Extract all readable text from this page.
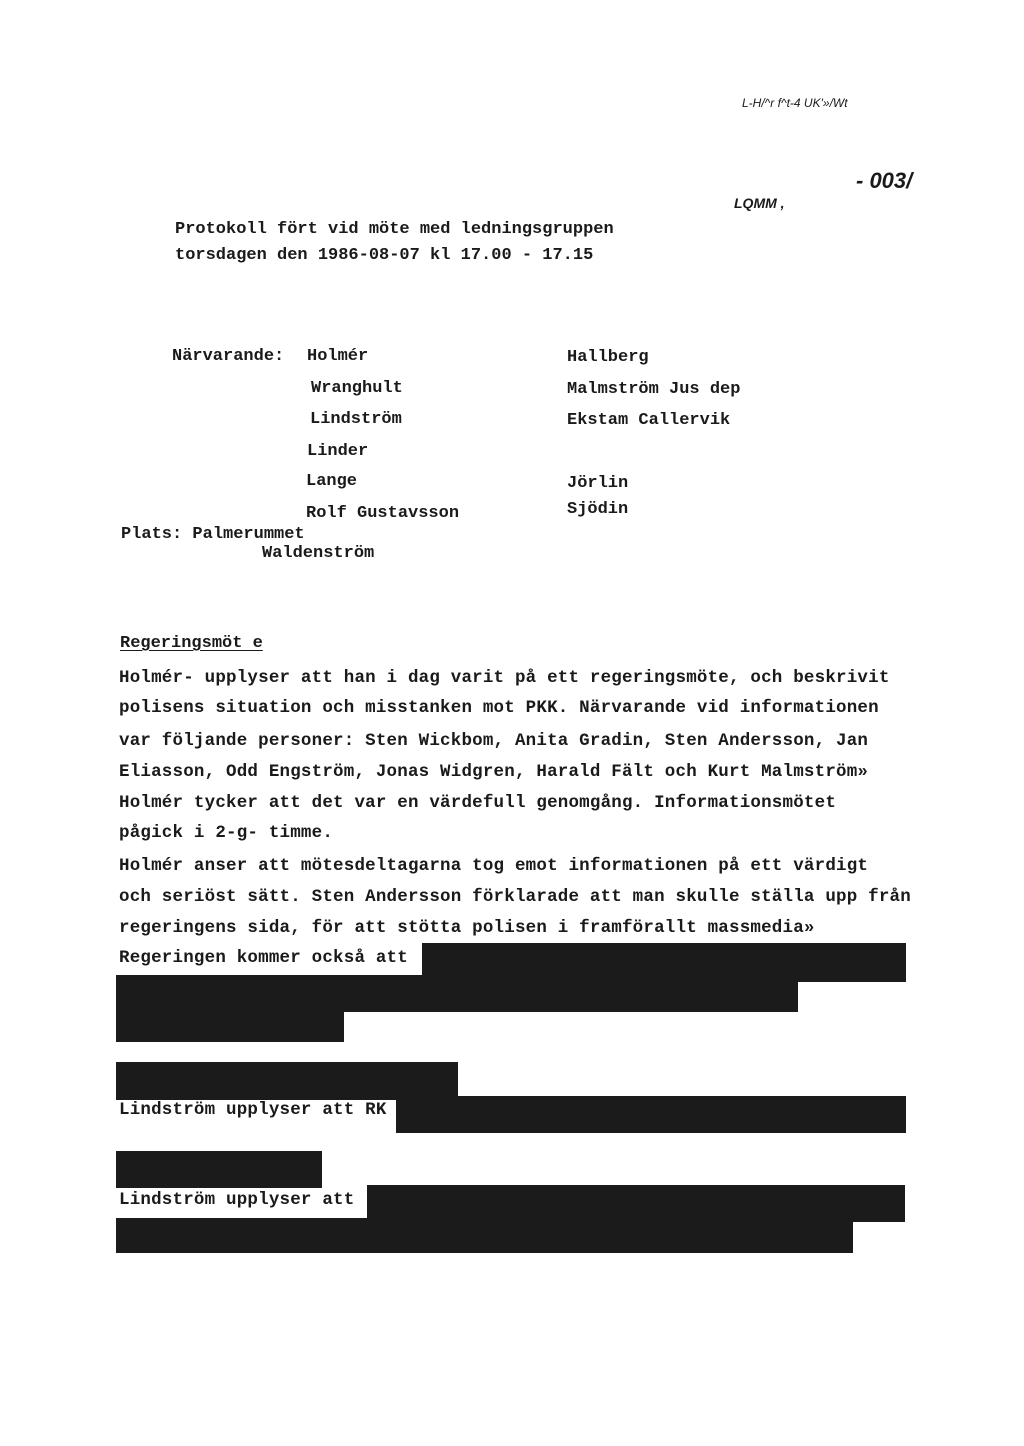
L-H/^r f^t-4 UK'»/Wt
- 003/
LQMM ,
Protokoll fört vid möte med ledningsgruppen
torsdagen den 1986-08-07 kl 17.00 - 17.15
Närvarande: Holmér
Wranghult
Lindström
Linder
Lange
Rolf Gustavsson
Hallberg
Malmström Jus dep
Ekstam Callervik
Jörlin
Sjödin
Plats: Palmerummet
Waldenström
Regeringsmöt e
Holmér- upplyser att han i dag varit på ett regeringsmöte, och beskrivit
polisens situation och misstanken mot PKK. Närvarande vid informationen
var följande personer: Sten Wickbom, Anita Gradin, Sten Andersson, Jan
Eliasson, Odd Engström, Jonas Widgren, Harald Fält och Kurt Malmström»
Holmér tycker att det var en värdefull genomgång. Informationsmötet
pågick i 2-g- timme.
Holmér anser att mötesdeltagarna tog emot informationen på ett värdigt
och seriöst sätt. Sten Andersson förklarade att man skulle ställa upp från
regeringens sida, för att stötta polisen i framförallt massmedia»
Regeringen kommer också att
Lindström upplyser att RK
Lindström upplyser att
